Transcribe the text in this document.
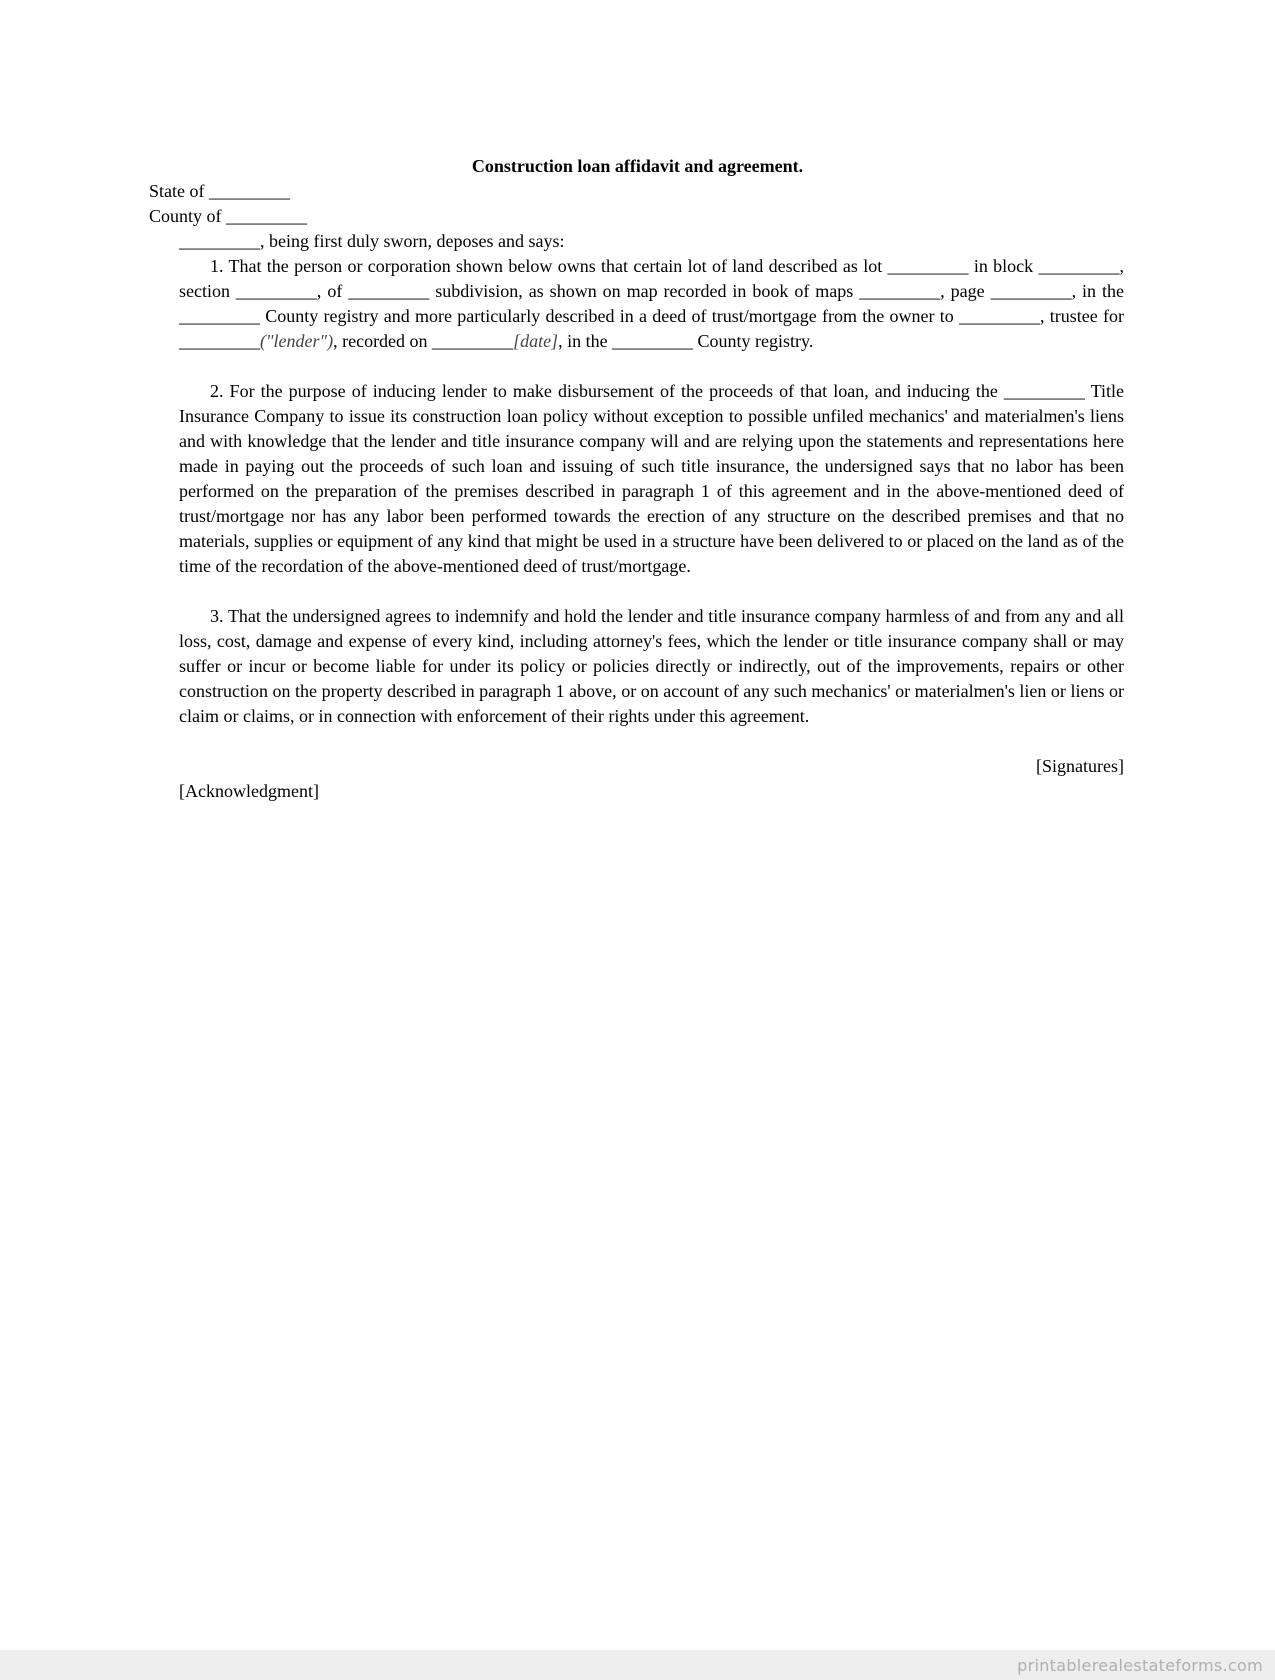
Construction loan affidavit and agreement.

State of _________

County of _________

_________, being first duly sworn, deposes and says:

1. That the person or corporation shown below owns that certain lot of land described as lot _________ in block _________, section _________, of _________ subdivision, as shown on map recorded in book of maps _________, page _________, in the _________ County registry and more particularly described in a deed of trust/mortgage from the owner to _________, trustee for _________("lender"), recorded on _________[date], in the _________ County registry.

2. For the purpose of inducing lender to make disbursement of the proceeds of that loan, and inducing the _________ Title Insurance Company to issue its construction loan policy without exception to possible unfiled mechanics' and materialmen's liens and with knowledge that the lender and title insurance company will and are relying upon the statements and representations here made in paying out the proceeds of such loan and issuing of such title insurance, the undersigned says that no labor has been performed on the preparation of the premises described in paragraph 1 of this agreement and in the above-mentioned deed of trust/mortgage nor has any labor been performed towards the erection of any structure on the described premises and that no materials, supplies or equipment of any kind that might be used in a structure have been delivered to or placed on the land as of the time of the recordation of the above-mentioned deed of trust/mortgage.

3. That the undersigned agrees to indemnify and hold the lender and title insurance company harmless of and from any and all loss, cost, damage and expense of every kind, including attorney's fees, which the lender or title insurance company shall or may suffer or incur or become liable for under its policy or policies directly or indirectly, out of the improvements, repairs or other construction on the property described in paragraph 1 above, or on account of any such mechanics' or materialmen's lien or liens or claim or claims, or in connection with enforcement of their rights under this agreement.

[Signatures]

[Acknowledgment]

printablerealestateforms.com
